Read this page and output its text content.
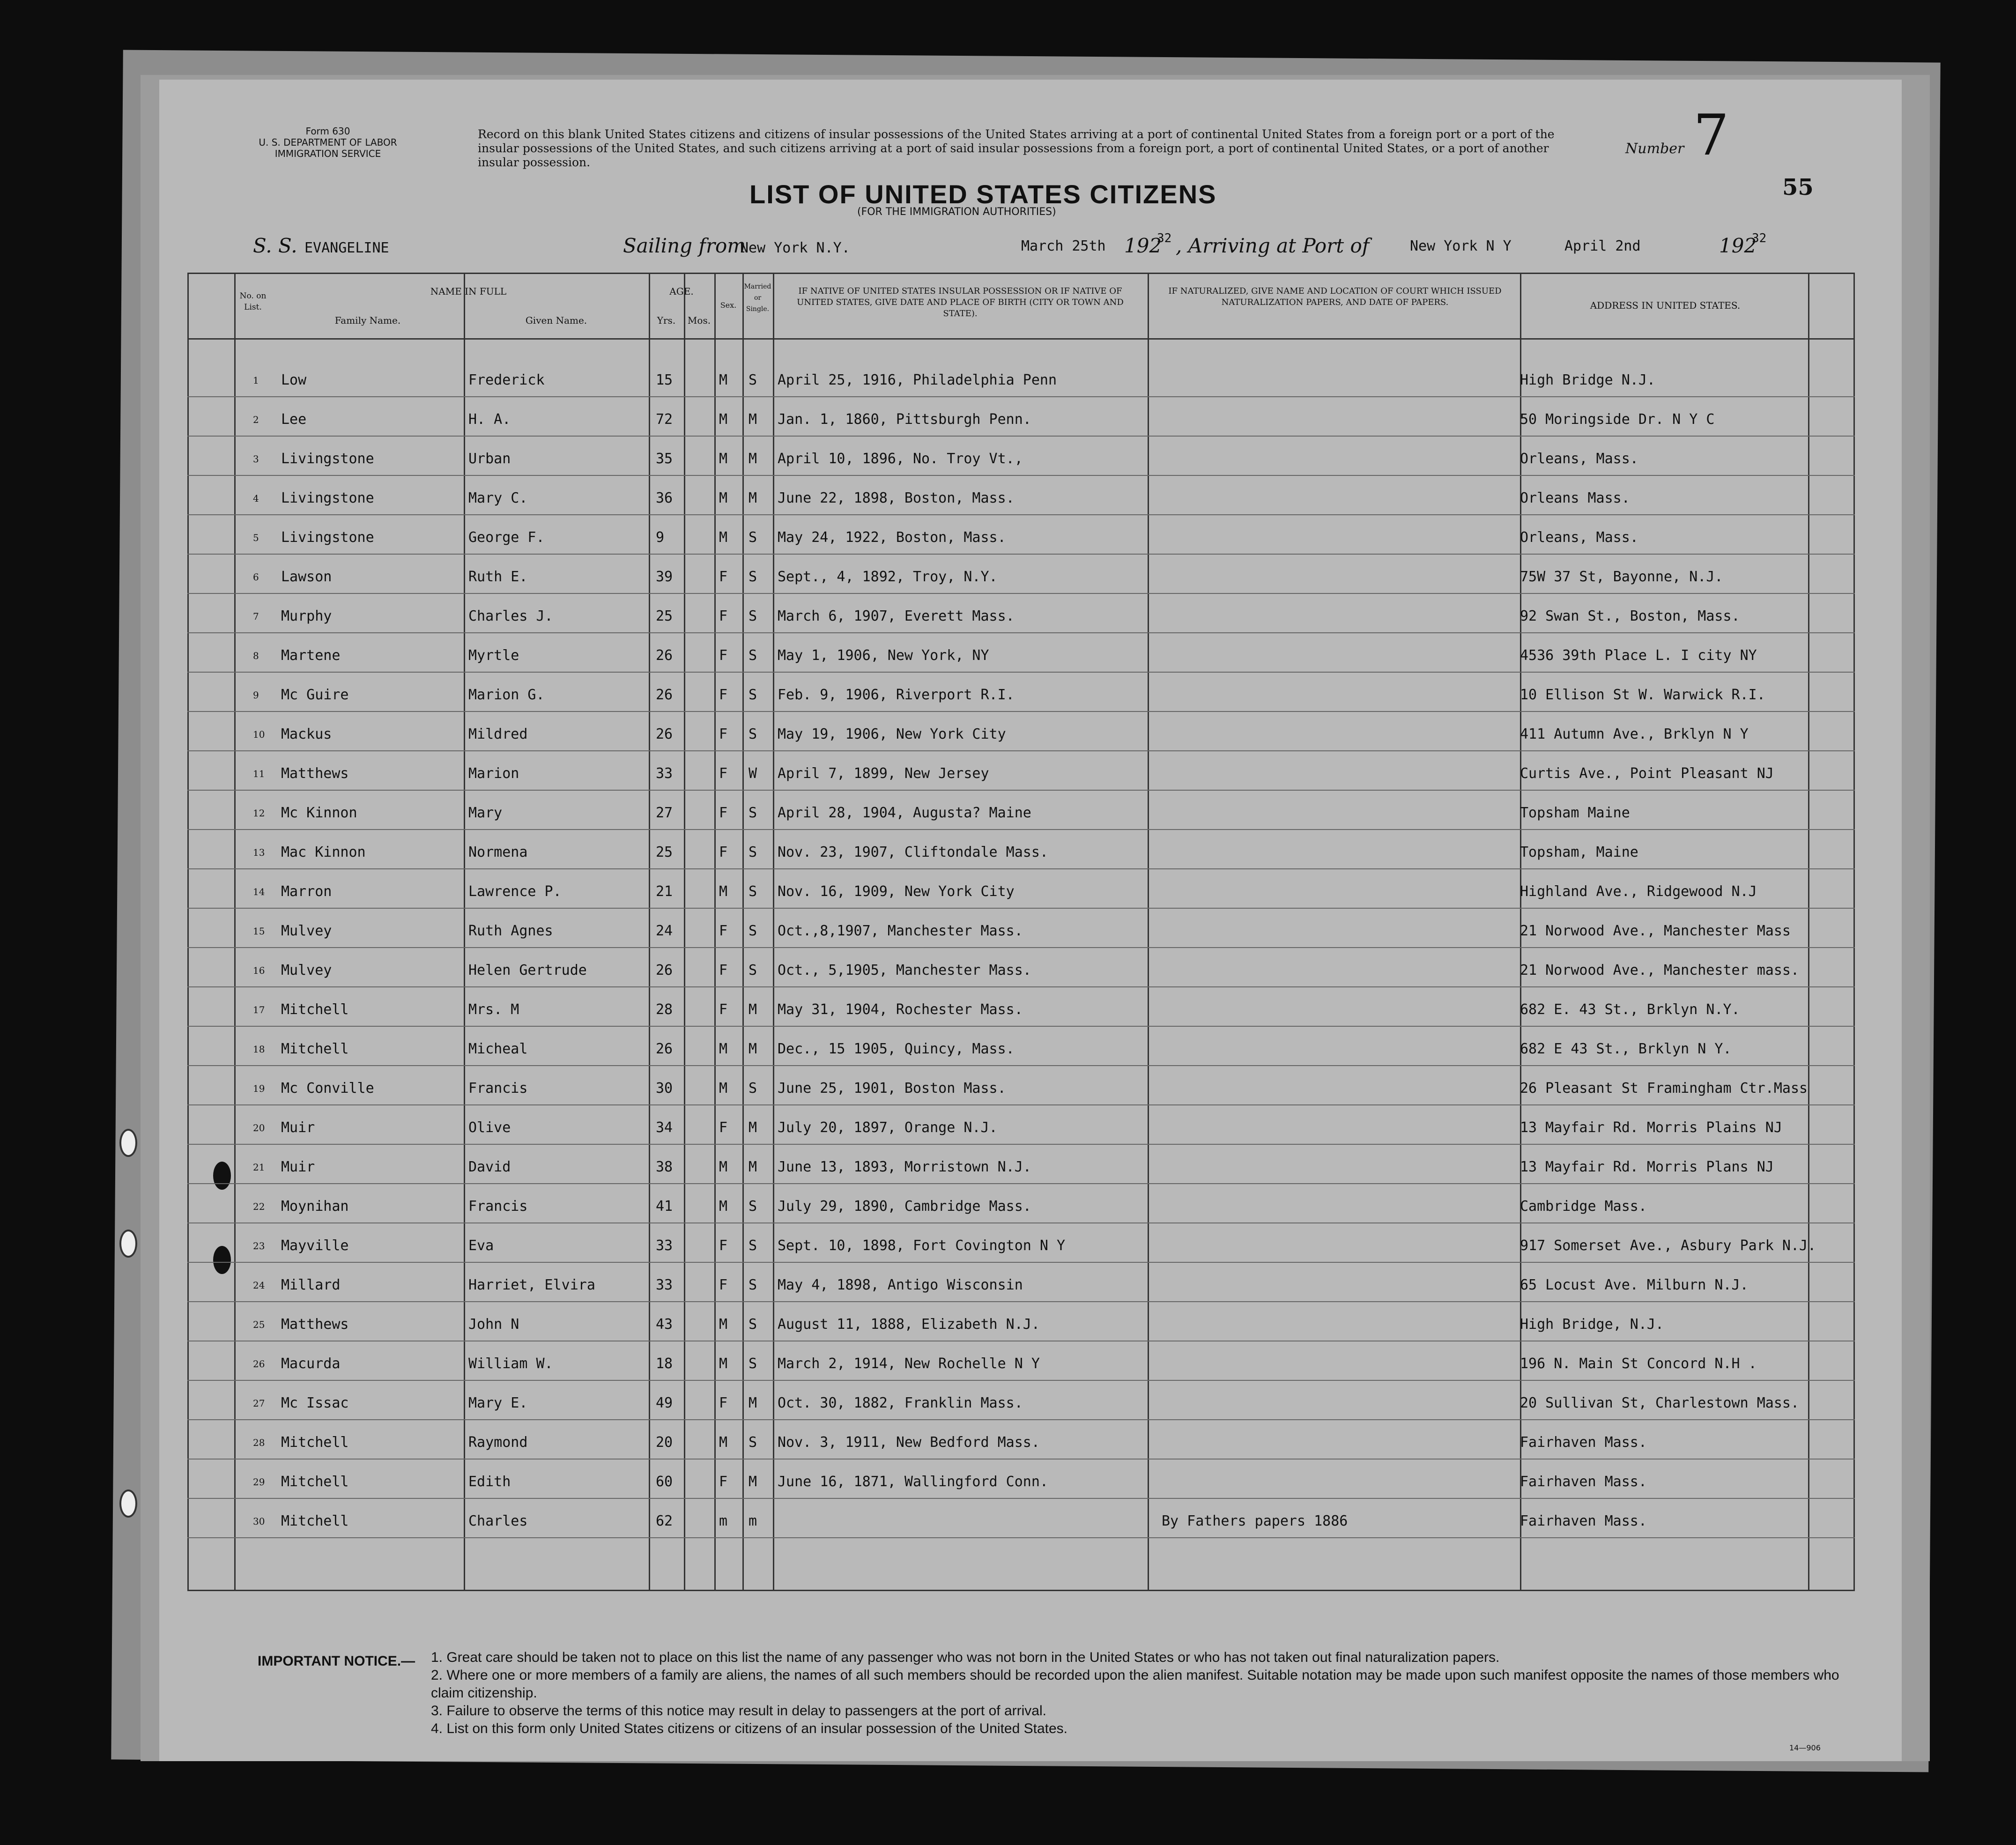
Form 630
U. S. DEPARTMENT OF LABOR
IMMIGRATION SERVICE
Record on this blank United States citizens and citizens of insular possessions of the United States arriving at a port of continental United States from a foreign port or a port of the insular possessions of the United States, and such citizens arriving at a port of said insular possessions from a foreign port, a port of continental United States, or a port of another insular possession.
Number 7
55
LIST OF UNITED STATES CITIZENS
(FOR THE IMMIGRATION AUTHORITIES)
S. S. EVANGELINE	Sailing from
New York N.Y.	March 25th 192
32 , Arriving at Port of	New York N Y	April 2nd	192
32
No. on List.
NAME IN FULL
Family Name.	Given Name.
AGE.
Yrs.	Mos.
Sex.
Married or Single.
IF NATIVE OF UNITED STATES INSULAR POSSESSION OR IF NATIVE OF UNITED STATES, GIVE DATE AND PLACE OF BIRTH (CITY OR TOWN AND STATE).
IF NATURALIZED, GIVE NAME AND LOCATION OF COURT WHICH ISSUED NATURALIZATION PAPERS, AND DATE OF PAPERS.	ADDRESS IN UNITED STATES.
1 Low	Frederick	15	M S April 25, 1916, Philadelphia Penn	High Bridge N.J.
2 Lee	H. A.	72	M M Jan. 1, 1860, Pittsburgh Penn.	50 Moringside Dr. N Y C
3 Livingstone	Urban	35	M M April 10, 1896, No. Troy Vt.,	Orleans, Mass.
4 Livingstone	Mary C.	36	M M June 22, 1898, Boston, Mass.	Orleans Mass.
5 Livingstone	George F.	9	M S May 24, 1922, Boston, Mass.	Orleans, Mass.
6 Lawson	Ruth E.	39	F S Sept., 4, 1892, Troy, N.Y.	75W 37 St, Bayonne, N.J.
7 Murphy	Charles J.	25	F S March 6, 1907, Everett Mass.	92 Swan St., Boston, Mass.
8 Martene	Myrtle	26	F S May 1, 1906, New York, NY	4536 39th Place L. I city NY
9 Mc Guire	Marion G.	26	F S Feb. 9, 1906, Riverport R.I.	10 Ellison St W. Warwick R.I.
10 Mackus	Mildred	26	F S May 19, 1906, New York City	411 Autumn Ave., Brklyn N Y
11 Matthews	Marion	33	F W April 7, 1899, New Jersey	Curtis Ave., Point Pleasant NJ
12 Mc Kinnon	Mary	27	F S April 28, 1904, Augusta? Maine	Topsham Maine
13 Mac Kinnon	Normena	25	F S Nov. 23, 1907, Cliftondale Mass.	Topsham, Maine
14 Marron	Lawrence P.	21	M S Nov. 16, 1909, New York City	Highland Ave., Ridgewood N.J
15 Mulvey	Ruth Agnes	24	F S Oct.,8,1907, Manchester Mass.	21 Norwood Ave., Manchester Mass
16 Mulvey	Helen Gertrude	26	F S Oct., 5,1905, Manchester Mass.	21 Norwood Ave., Manchester mass.
17 Mitchell	Mrs. M	28	F M May 31, 1904, Rochester Mass.	682 E. 43 St., Brklyn N.Y.
18 Mitchell	Micheal	26	M M Dec., 15 1905, Quincy, Mass.	682 E 43 St., Brklyn N Y.
19 Mc Conville	Francis	30	M S June 25, 1901, Boston Mass.	26 Pleasant St Framingham Ctr.Mass
20 Muir	Olive	34	F M July 20, 1897, Orange N.J.	13 Mayfair Rd. Morris Plains NJ
21 Muir	David	38	M M June 13, 1893, Morristown N.J.	13 Mayfair Rd. Morris Plans NJ
22 Moynihan	Francis	41	M S July 29, 1890, Cambridge Mass.	Cambridge Mass.
23 Mayville	Eva	33	F S Sept. 10, 1898, Fort Covington N Y	917 Somerset Ave., Asbury Park N.J.
24 Millard	Harriet, Elvira	33	F S May 4, 1898, Antigo Wisconsin	65 Locust Ave. Milburn N.J.
25 Matthews	John N	43	M S August 11, 1888, Elizabeth N.J.	High Bridge, N.J.
26 Macurda	William W.	18	M S March 2, 1914, New Rochelle N Y	196 N. Main St Concord N.H .
27 Mc Issac	Mary E.	49	F M Oct. 30, 1882, Franklin Mass.	20 Sullivan St, Charlestown Mass.
28 Mitchell	Raymond	20	M S Nov. 3, 1911, New Bedford Mass.	Fairhaven Mass.
29 Mitchell	Edith	60	F M June 16, 1871, Wallingford Conn.	Fairhaven Mass.
30 Mitchell	Charles	62	m m	By Fathers papers 1886	Fairhaven Mass.
IMPORTANT NOTICE.— 1. Great care should be taken not to place on this list the name of any passenger who was not born in the United States or who has not taken out final naturalization papers.
2. Where one or more members of a family are aliens, the names of all such members should be recorded upon the alien manifest. Suitable notation may be made upon such manifest opposite the names of those members who claim citizenship.
3. Failure to observe the terms of this notice may result in delay to passengers at the port of arrival.
4. List on this form only United States citizens or citizens of an insular possession of the United States.
14—906
